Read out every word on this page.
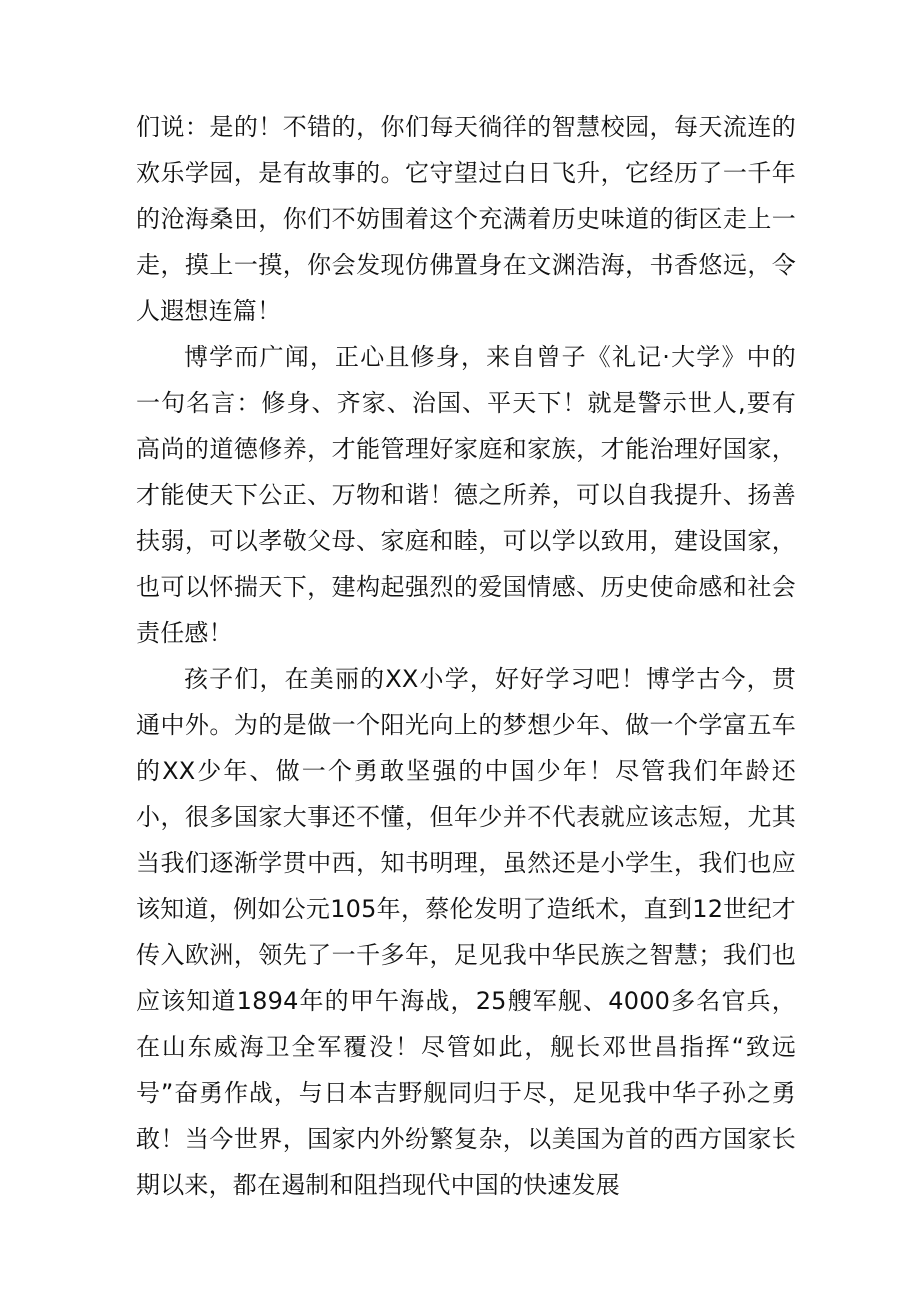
们说：是的！不错的，你们每天徜徉的智慧校园，每天流连的欢乐学园，是有故事的。它守望过白日飞升，它经历了一千年的沧海桑田，你们不妨围着这个充满着历史味道的街区走上一走，摸上一摸，你会发现仿佛置身在文渊浩海，书香悠远，令人遐想连篇！

博学而广闻，正心且修身，来自曾子《礼记·大学》中的一句名言：修身、齐家、治国、平天下！就是警示世人,要有高尚的道德修养，才能管理好家庭和家族，才能治理好国家，才能使天下公正、万物和谐！德之所养，可以自我提升、扬善扶弱，可以孝敬父母、家庭和睦，可以学以致用，建设国家，也可以怀揣天下，建构起强烈的爱国情感、历史使命感和社会责任感！

孩子们，在美丽的XX小学，好好学习吧！博学古今，贯通中外。为的是做一个阳光向上的梦想少年、做一个学富五车的XX少年、做一个勇敢坚强的中国少年！尽管我们年龄还小，很多国家大事还不懂，但年少并不代表就应该志短，尤其当我们逐渐学贯中西，知书明理，虽然还是小学生，我们也应该知道，例如公元105年，蔡伦发明了造纸术，直到12世纪才传入欧洲，领先了一千多年，足见我中华民族之智慧；我们也应该知道1894年的甲午海战，25艘军舰、4000多名官兵，在山东威海卫全军覆没！尽管如此，舰长邓世昌指挥“致远号”奋勇作战，与日本吉野舰同归于尽，足见我中华子孙之勇敢！当今世界，国家内外纷繁复杂，以美国为首的西方国家长期以来，都在遏制和阻挡现代中国的快速发展
